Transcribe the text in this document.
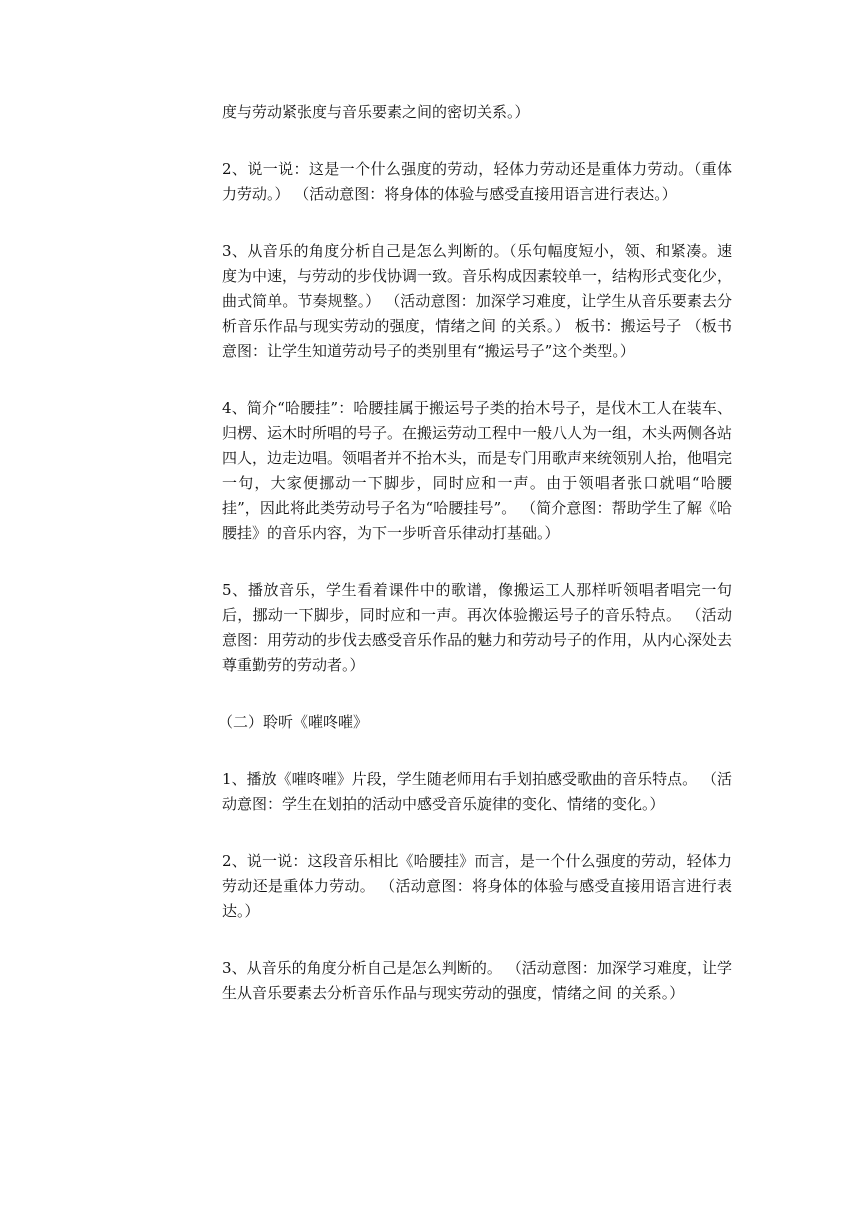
度与劳动紧张度与音乐要素之间的密切关系。）

2、说一说：这是一个什么强度的劳动，轻体力劳动还是重体力劳动。（重体力劳动。） （活动意图：将身体的体验与感受直接用语言进行表达。）

3、从音乐的角度分析自己是怎么判断的。（乐句幅度短小，领、和紧凑。速度为中速，与劳动的步伐协调一致。音乐构成因素较单一，结构形式变化少，曲式简单。节奏规整。） （活动意图：加深学习难度，让学生从音乐要素去分析音乐作品与现实劳动的强度，情绪之间 的关系。） 板书：搬运号子 （板书意图：让学生知道劳动号子的类别里有“搬运号子”这个类型。）

4、简介“哈腰挂”：哈腰挂属于搬运号子类的抬木号子，是伐木工人在装车、归楞、运木时所唱的号子。在搬运劳动工程中一般八人为一组，木头两侧各站四人，边走边唱。领唱者并不抬木头，而是专门用歌声来统领别人抬，他唱完一句，大家便挪动一下脚步，同时应和一声。由于领唱者张口就唱“哈腰挂”，因此将此类劳动号子名为“哈腰挂号”。 （简介意图：帮助学生了解《哈腰挂》的音乐内容，为下一步听音乐律动打基础。）

5、播放音乐，学生看着课件中的歌谱，像搬运工人那样听领唱者唱完一句后，挪动一下脚步，同时应和一声。再次体验搬运号子的音乐特点。 （活动意图：用劳动的步伐去感受音乐作品的魅力和劳动号子的作用，从内心深处去尊重勤劳的劳动者。）

（二）聆听《嗺咚嗺》

1、播放《嗺咚嗺》片段，学生随老师用右手划拍感受歌曲的音乐特点。 （活动意图：学生在划拍的活动中感受音乐旋律的变化、情绪的变化。）

2、说一说：这段音乐相比《哈腰挂》而言，是一个什么强度的劳动，轻体力劳动还是重体力劳动。 （活动意图：将身体的体验与感受直接用语言进行表达。）

3、从音乐的角度分析自己是怎么判断的。 （活动意图：加深学习难度，让学生从音乐要素去分析音乐作品与现实劳动的强度，情绪之间 的关系。）
